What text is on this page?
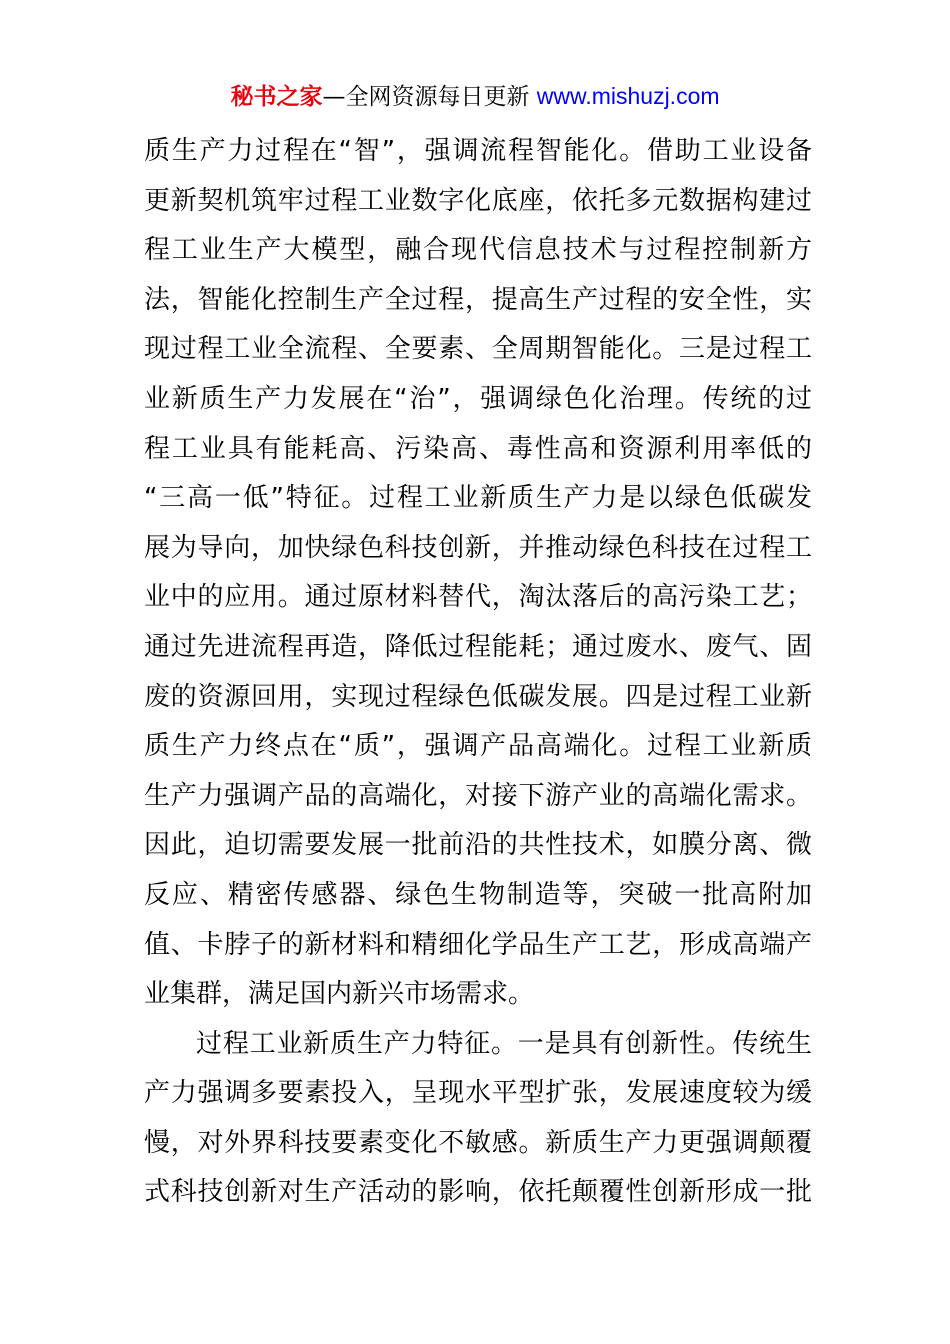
秘书之家—全网资源每日更新 www.mishuzj.com
质生产力过程在“智”，强调流程智能化。借助工业设备
更新契机筑牢过程工业数字化底座，依托多元数据构建过
程工业生产大模型，融合现代信息技术与过程控制新方
法，智能化控制生产全过程，提高生产过程的安全性，实
现过程工业全流程、全要素、全周期智能化。三是过程工
业新质生产力发展在“治”，强调绿色化治理。传统的过
程工业具有能耗高、污染高、毒性高和资源利用率低的
“三高一低”特征。过程工业新质生产力是以绿色低碳发
展为导向，加快绿色科技创新，并推动绿色科技在过程工
业中的应用。通过原材料替代，淘汰落后的高污染工艺；
通过先进流程再造，降低过程能耗；通过废水、废气、固
废的资源回用，实现过程绿色低碳发展。四是过程工业新
质生产力终点在“质”，强调产品高端化。过程工业新质
生产力强调产品的高端化，对接下游产业的高端化需求。
因此，迫切需要发展一批前沿的共性技术，如膜分离、微
反应、精密传感器、绿色生物制造等，突破一批高附加
值、卡脖子的新材料和精细化学品生产工艺，形成高端产
业集群，满足国内新兴市场需求。
过程工业新质生产力特征。一是具有创新性。传统生
产力强调多要素投入，呈现水平型扩张，发展速度较为缓
慢，对外界科技要素变化不敏感。新质生产力更强调颠覆
式科技创新对生产活动的影响，依托颠覆性创新形成一批
